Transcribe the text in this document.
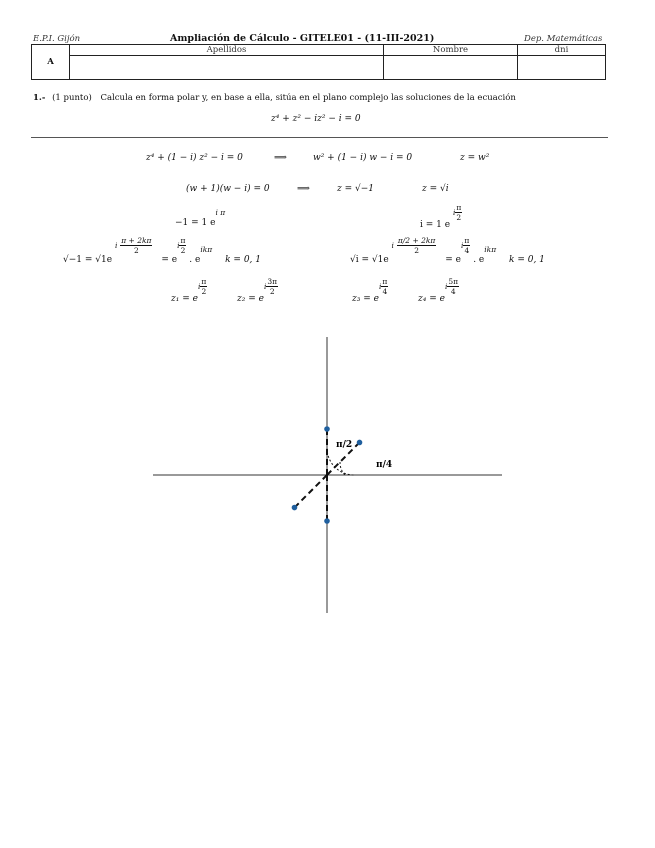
E.P.I. Gijón	Ampliación de Cálculo - GITELE01 - (11-III-2021)	Dep. Matemáticas
A	Apellidos	Nombre	dni

1.- (1 punto) Calcula en forma polar y, en base a ella, sitúa en el plano complejo las soluciones de la ecuación
z⁴ + z² − iz² − i = 0
z⁴ + (1 − i) z² − i = 0	⟹	w² + (1 − i) w − i = 0	z = w²
(w + 1)(w − i) = 0	⟹	z = √−1	z = √i
−1 = 1 ei π
i = 1 e i $\frac{\pi}{2}$
√−1 = √1e i $\frac{\pi + 2k\pi}{2}$
= ei $\frac{\pi}{2}$
. $e_{ik\pi}$ k = 0, 1	√i = √1e i $\frac{\pi/2 + 2k\pi}{2}$
= ei $\frac{\pi}{4}$
. $e_{ik\pi}$ k = 0, 1
z₁ = ei $\frac{\pi}{2}$
z₂ = ei $\frac{3\pi}{2}$
z₃ = ei $\frac{\pi}{4}$
z₄ = ei $\frac{5\pi}{4}$
π/2
π/4
